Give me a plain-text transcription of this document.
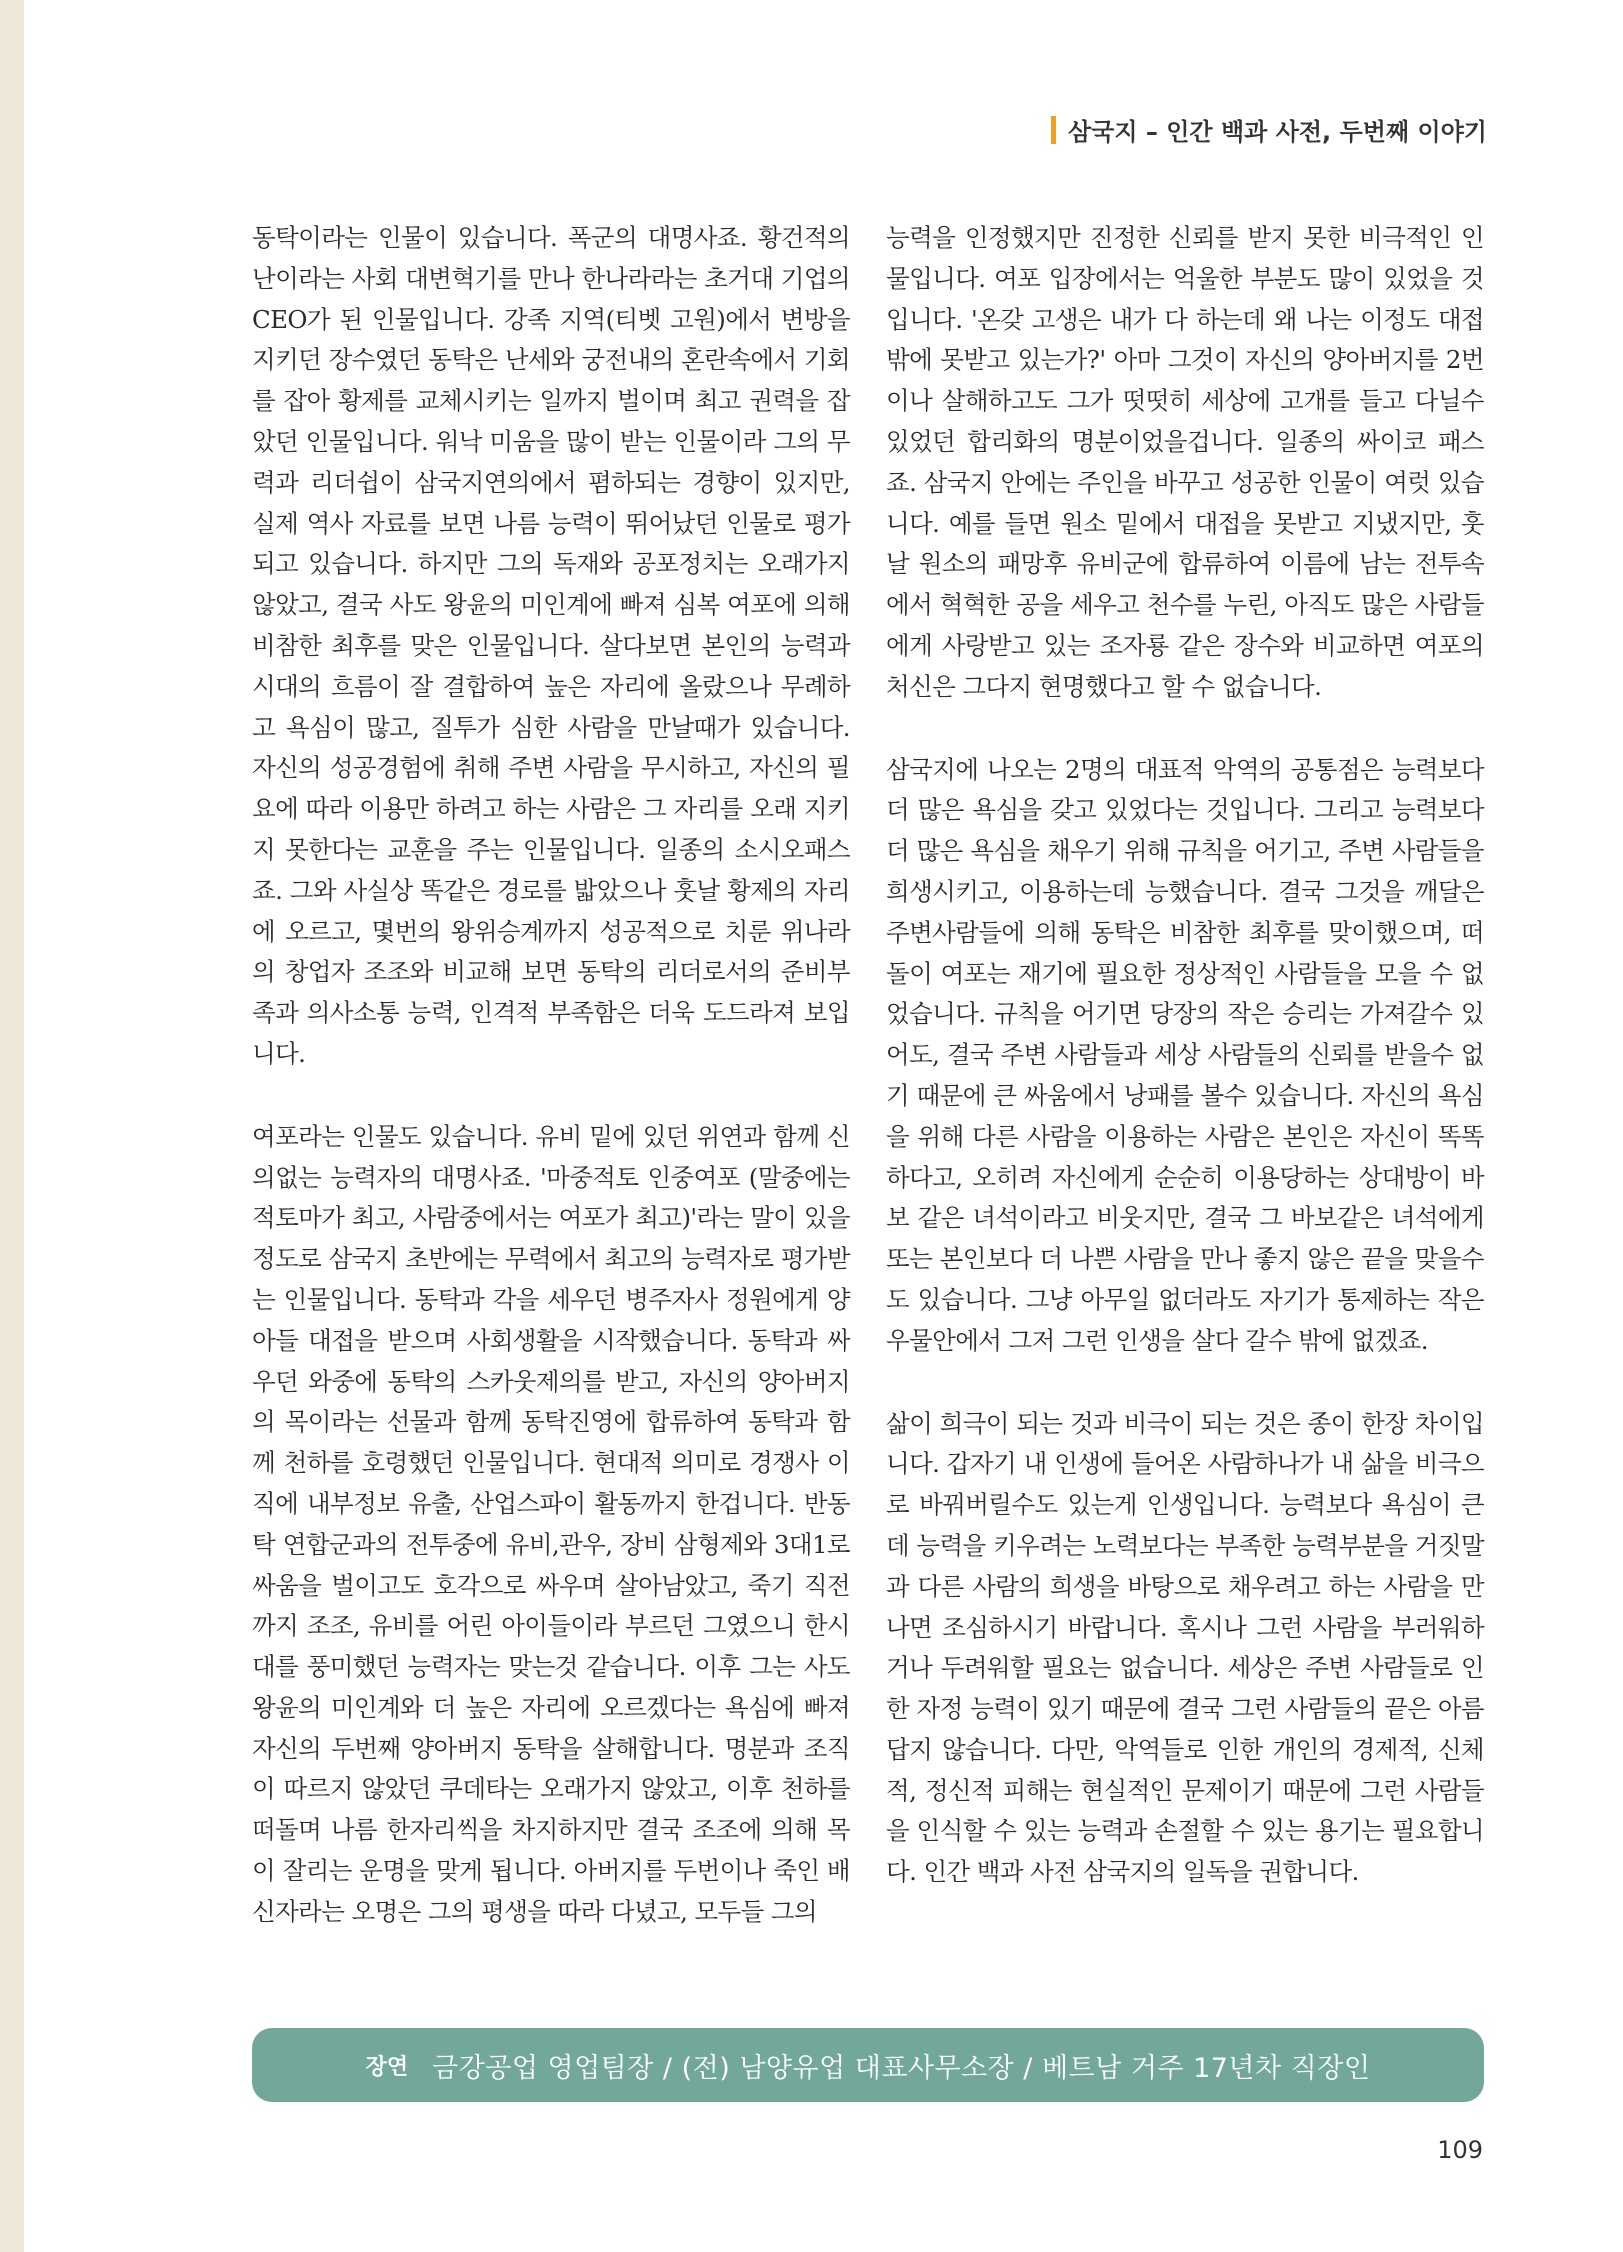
삼국지 – 인간 백과 사전, 두번째 이야기

동탁이라는 인물이 있습니다. 폭군의 대명사죠. 황건적의 난이라는 사회 대변혁기를 만나 한나라라는 초거대 기업의 CEO가 된 인물입니다. 강족 지역(티벳 고원)에서 변방을 지키던 장수였던 동탁은 난세와 궁전내의 혼란속에서 기회를 잡아 황제를 교체시키는 일까지 벌이며 최고 권력을 잡았던 인물입니다. 워낙 미움을 많이 받는 인물이라 그의 무력과 리더쉽이 삼국지연의에서 폄하되는 경향이 있지만, 실제 역사 자료를 보면 나름 능력이 뛰어났던 인물로 평가되고 있습니다. 하지만 그의 독재와 공포정치는 오래가지 않았고, 결국 사도 왕윤의 미인계에 빠져 심복 여포에 의해 비참한 최후를 맞은 인물입니다. 살다보면 본인의 능력과 시대의 흐름이 잘 결합하여 높은 자리에 올랐으나 무례하고 욕심이 많고, 질투가 심한 사람을 만날때가 있습니다. 자신의 성공경험에 취해 주변 사람을 무시하고, 자신의 필요에 따라 이용만 하려고 하는 사람은 그 자리를 오래 지키지 못한다는 교훈을 주는 인물입니다. 일종의 소시오패스죠. 그와 사실상 똑같은 경로를 밟았으나 훗날 황제의 자리에 오르고, 몇번의 왕위승계까지 성공적으로 치룬 위나라의 창업자 조조와 비교해 보면 동탁의 리더로서의 준비부족과 의사소통 능력, 인격적 부족함은 더욱 도드라져 보입니다.

여포라는 인물도 있습니다. 유비 밑에 있던 위연과 함께 신의없는 능력자의 대명사죠. '마중적토 인중여포 (말중에는 적토마가 최고, 사람중에서는 여포가 최고)'라는 말이 있을 정도로 삼국지 초반에는 무력에서 최고의 능력자로 평가받는 인물입니다. 동탁과 각을 세우던 병주자사 정원에게 양아들 대접을 받으며 사회생활을 시작했습니다. 동탁과 싸우던 와중에 동탁의 스카웃제의를 받고, 자신의 양아버지의 목이라는 선물과 함께 동탁진영에 합류하여 동탁과 함께 천하를 호령했던 인물입니다. 현대적 의미로 경쟁사 이직에 내부정보 유출, 산업스파이 활동까지 한겁니다. 반동탁 연합군과의 전투중에 유비,관우, 장비 삼형제와 3대1로 싸움을 벌이고도 호각으로 싸우며 살아남았고, 죽기 직전까지 조조, 유비를 어린 아이들이라 부르던 그였으니 한시대를 풍미했던 능력자는 맞는것 같습니다. 이후 그는 사도 왕윤의 미인계와 더 높은 자리에 오르겠다는 욕심에 빠져 자신의 두번째 양아버지 동탁을 살해합니다. 명분과 조직이 따르지 않았던 쿠데타는 오래가지 않았고, 이후 천하를 떠돌며 나름 한자리씩을 차지하지만 결국 조조에 의해 목이 잘리는 운명을 맞게 됩니다. 아버지를 두번이나 죽인 배신자라는 오명은 그의 평생을 따라 다녔고, 모두들 그의

능력을 인정했지만 진정한 신뢰를 받지 못한 비극적인 인물입니다. 여포 입장에서는 억울한 부분도 많이 있었을 것입니다. '온갖 고생은 내가 다 하는데 왜 나는 이정도 대접밖에 못받고 있는가?' 아마 그것이 자신의 양아버지를 2번이나 살해하고도 그가 떳떳히 세상에 고개를 들고 다닐수 있었던 합리화의 명분이었을겁니다. 일종의 싸이코 패스죠. 삼국지 안에는 주인을 바꾸고 성공한 인물이 여럿 있습니다. 예를 들면 원소 밑에서 대접을 못받고 지냈지만, 훗날 원소의 패망후 유비군에 합류하여 이름에 남는 전투속에서 혁혁한 공을 세우고 천수를 누린, 아직도 많은 사람들에게 사랑받고 있는 조자룡 같은 장수와 비교하면 여포의 처신은 그다지 현명했다고 할 수 없습니다.

삼국지에 나오는 2명의 대표적 악역의 공통점은 능력보다 더 많은 욕심을 갖고 있었다는 것입니다. 그리고 능력보다 더 많은 욕심을 채우기 위해 규칙을 어기고, 주변 사람들을 희생시키고, 이용하는데 능했습니다. 결국 그것을 깨달은 주변사람들에 의해 동탁은 비참한 최후를 맞이했으며, 떠돌이 여포는 재기에 필요한 정상적인 사람들을 모을 수 없었습니다. 규칙을 어기면 당장의 작은 승리는 가져갈수 있어도, 결국 주변 사람들과 세상 사람들의 신뢰를 받을수 없기 때문에 큰 싸움에서 낭패를 볼수 있습니다. 자신의 욕심을 위해 다른 사람을 이용하는 사람은 본인은 자신이 똑똑하다고, 오히려 자신에게 순순히 이용당하는 상대방이 바보 같은 녀석이라고 비웃지만, 결국 그 바보같은 녀석에게 또는 본인보다 더 나쁜 사람을 만나 좋지 않은 끝을 맞을수도 있습니다. 그냥 아무일 없더라도 자기가 통제하는 작은 우물안에서 그저 그런 인생을 살다 갈수 밖에 없겠죠.

삶이 희극이 되는 것과 비극이 되는 것은 종이 한장 차이입니다. 갑자기 내 인생에 들어온 사람하나가 내 삶을 비극으로 바꿔버릴수도 있는게 인생입니다. 능력보다 욕심이 큰데 능력을 키우려는 노력보다는 부족한 능력부분을 거짓말과 다른 사람의 희생을 바탕으로 채우려고 하는 사람을 만나면 조심하시기 바랍니다. 혹시나 그런 사람을 부러워하거나 두려워할 필요는 없습니다. 세상은 주변 사람들로 인한 자정 능력이 있기 때문에 결국 그런 사람들의 끝은 아름답지 않습니다. 다만, 악역들로 인한 개인의 경제적, 신체적, 정신적 피해는 현실적인 문제이기 때문에 그런 사람들을 인식할 수 있는 능력과 손절할 수 있는 용기는 필요합니다. 인간 백과 사전 삼국지의 일독을 권합니다.

장연 금강공업 영업팀장 / (전) 남양유업 대표사무소장 / 베트남 거주 17년차 직장인
109
